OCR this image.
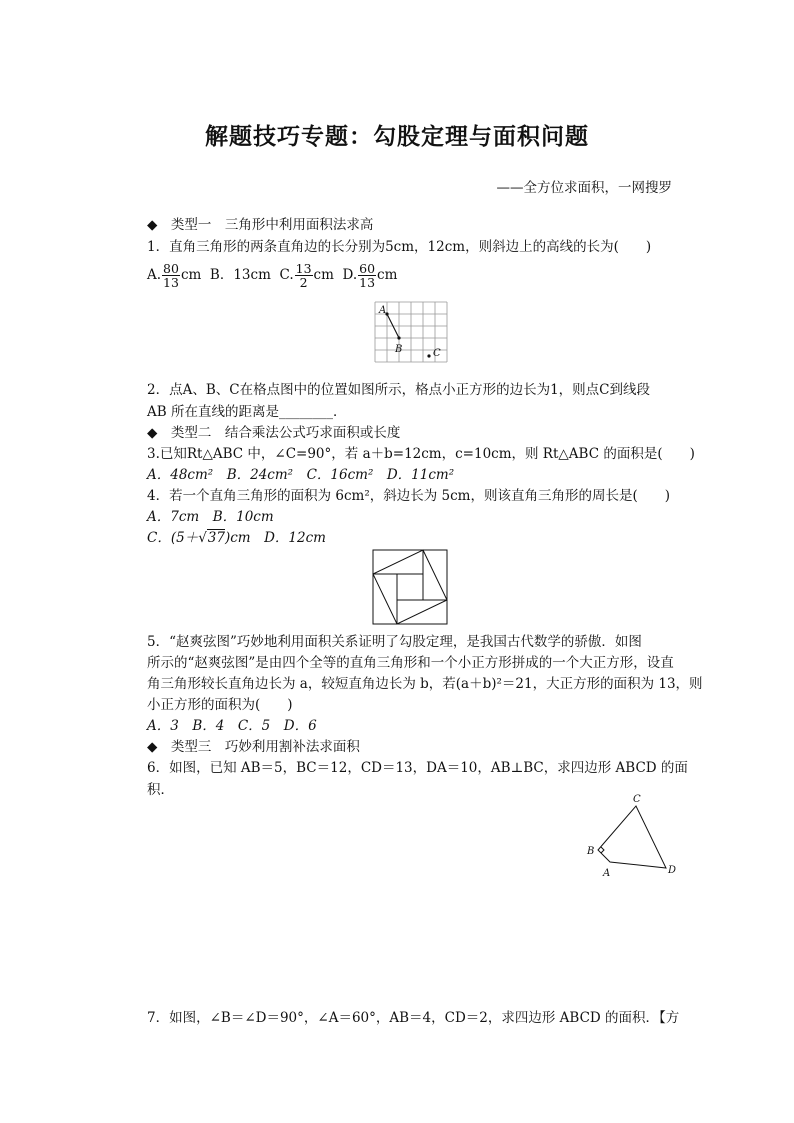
解题技巧专题：勾股定理与面积问题
——全方位求面积，一网搜罗
◆　类型一　三角形中利用面积法求高
1．直角三角形的两条直角边的长分别为5cm，12cm，则斜边上的高线的长为(　　)
A. $\frac{80}{13}$ cm B．13cm C. $\frac{13}{2}$ cm D. $\frac{60}{13}$ cm
A
B	C
2．点A、B、C在格点图中的位置如图所示，格点小正方形的边长为1，则点C到线段
AB 所在直线的距离是________．
◆　类型二　结合乘法公式巧求面积或长度
3.已知Rt△ABC 中，∠C=90°，若 a＋b=12cm，c=10cm，则 Rt△ABC 的面积是(　　)
A．48cm²　B．24cm²　C．16cm²　D．11cm²
4．若一个直角三角形的面积为 6cm²，斜边长为 5cm，则该直角三角形的周长是(　　)
A．7cm　B．10cm
C．(5＋√37)cm　D．12cm
5．“赵爽弦图”巧妙地利用面积关系证明了勾股定理，是我国古代数学的骄傲．如图
所示的“赵爽弦图”是由四个全等的直角三角形和一个小正方形拼成的一个大正方形，设直
角三角形较长直角边长为 a，较短直角边长为 b，若(a＋b)²＝21，大正方形的面积为 13，则
小正方形的面积为(　　)
A．3　B．4　C．5　D．6
◆　类型三　巧妙利用割补法求面积
6．如图，已知 AB＝5，BC＝12，CD＝13，DA＝10，AB⊥BC，求四边形 ABCD 的面
积．
C
B
A	D
7．如图，∠B＝∠D＝90°，∠A＝60°，AB＝4，CD＝2，求四边形 ABCD 的面积．【方
